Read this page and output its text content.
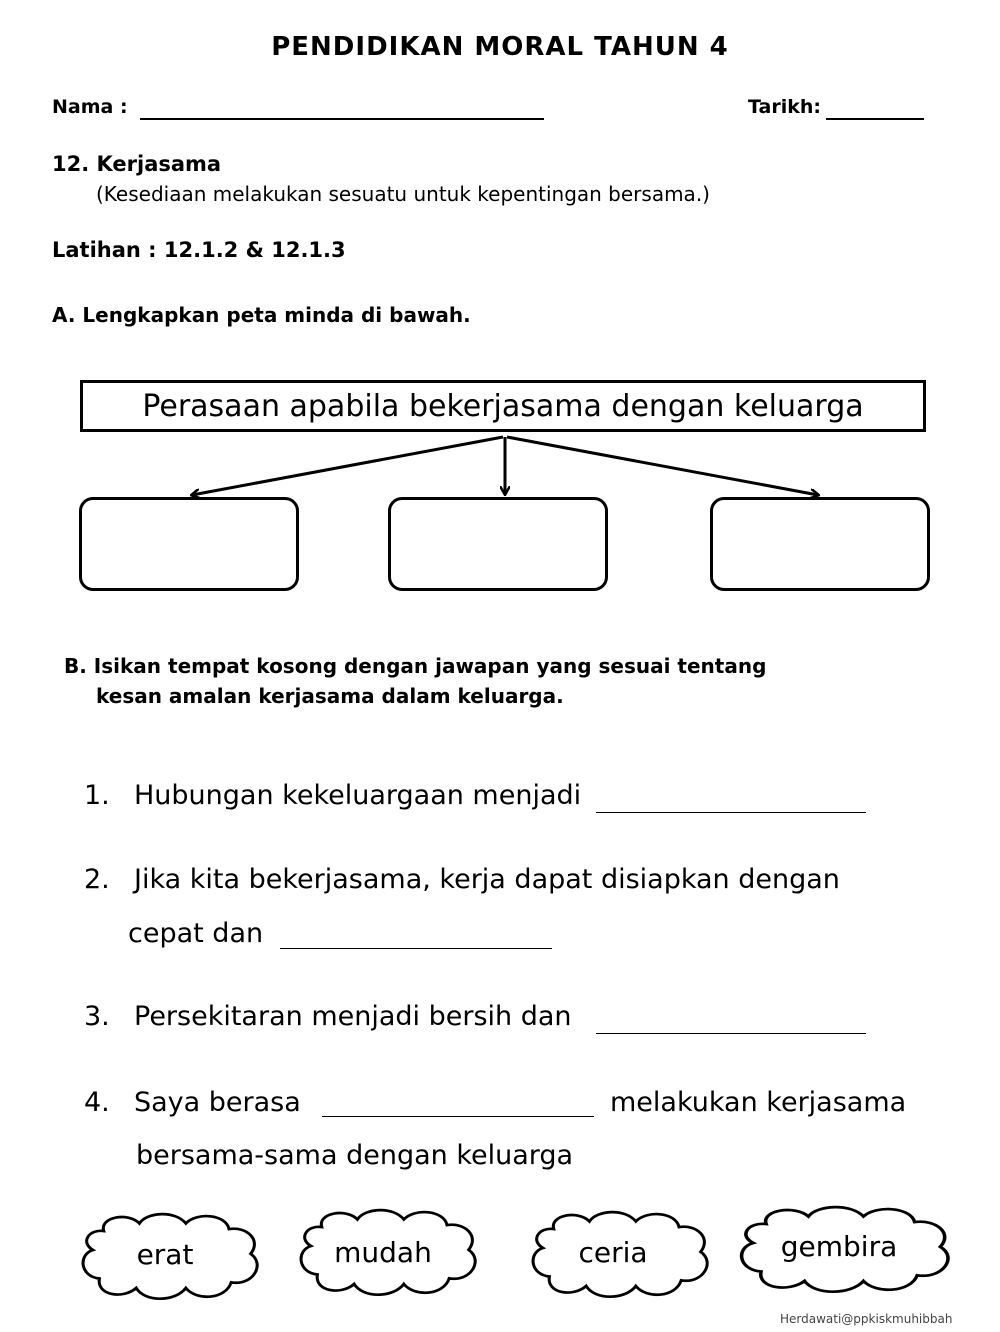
PENDIDIKAN MORAL TAHUN 4
Nama :	Tarikh:
12. Kerjasama
(Kesediaan melakukan sesuatu untuk kepentingan bersama.)
Latihan : 12.1.2 & 12.1.3
A. Lengkapkan peta minda di bawah.
Perasaan apabila bekerjasama dengan keluarga
B. Isikan tempat kosong dengan jawapan yang sesuai tentang
kesan amalan kerjasama dalam keluarga.
1. Hubungan kekeluargaan menjadi
2. Jika kita bekerjasama, kerja dapat disiapkan dengan
cepat dan
3. Persekitaran menjadi bersih dan
4. Saya berasa	melakukan kerjasama
bersama-sama dengan keluarga
erat	mudah	ceria	gembira
Herdawati@ppkiskmuhibbah
